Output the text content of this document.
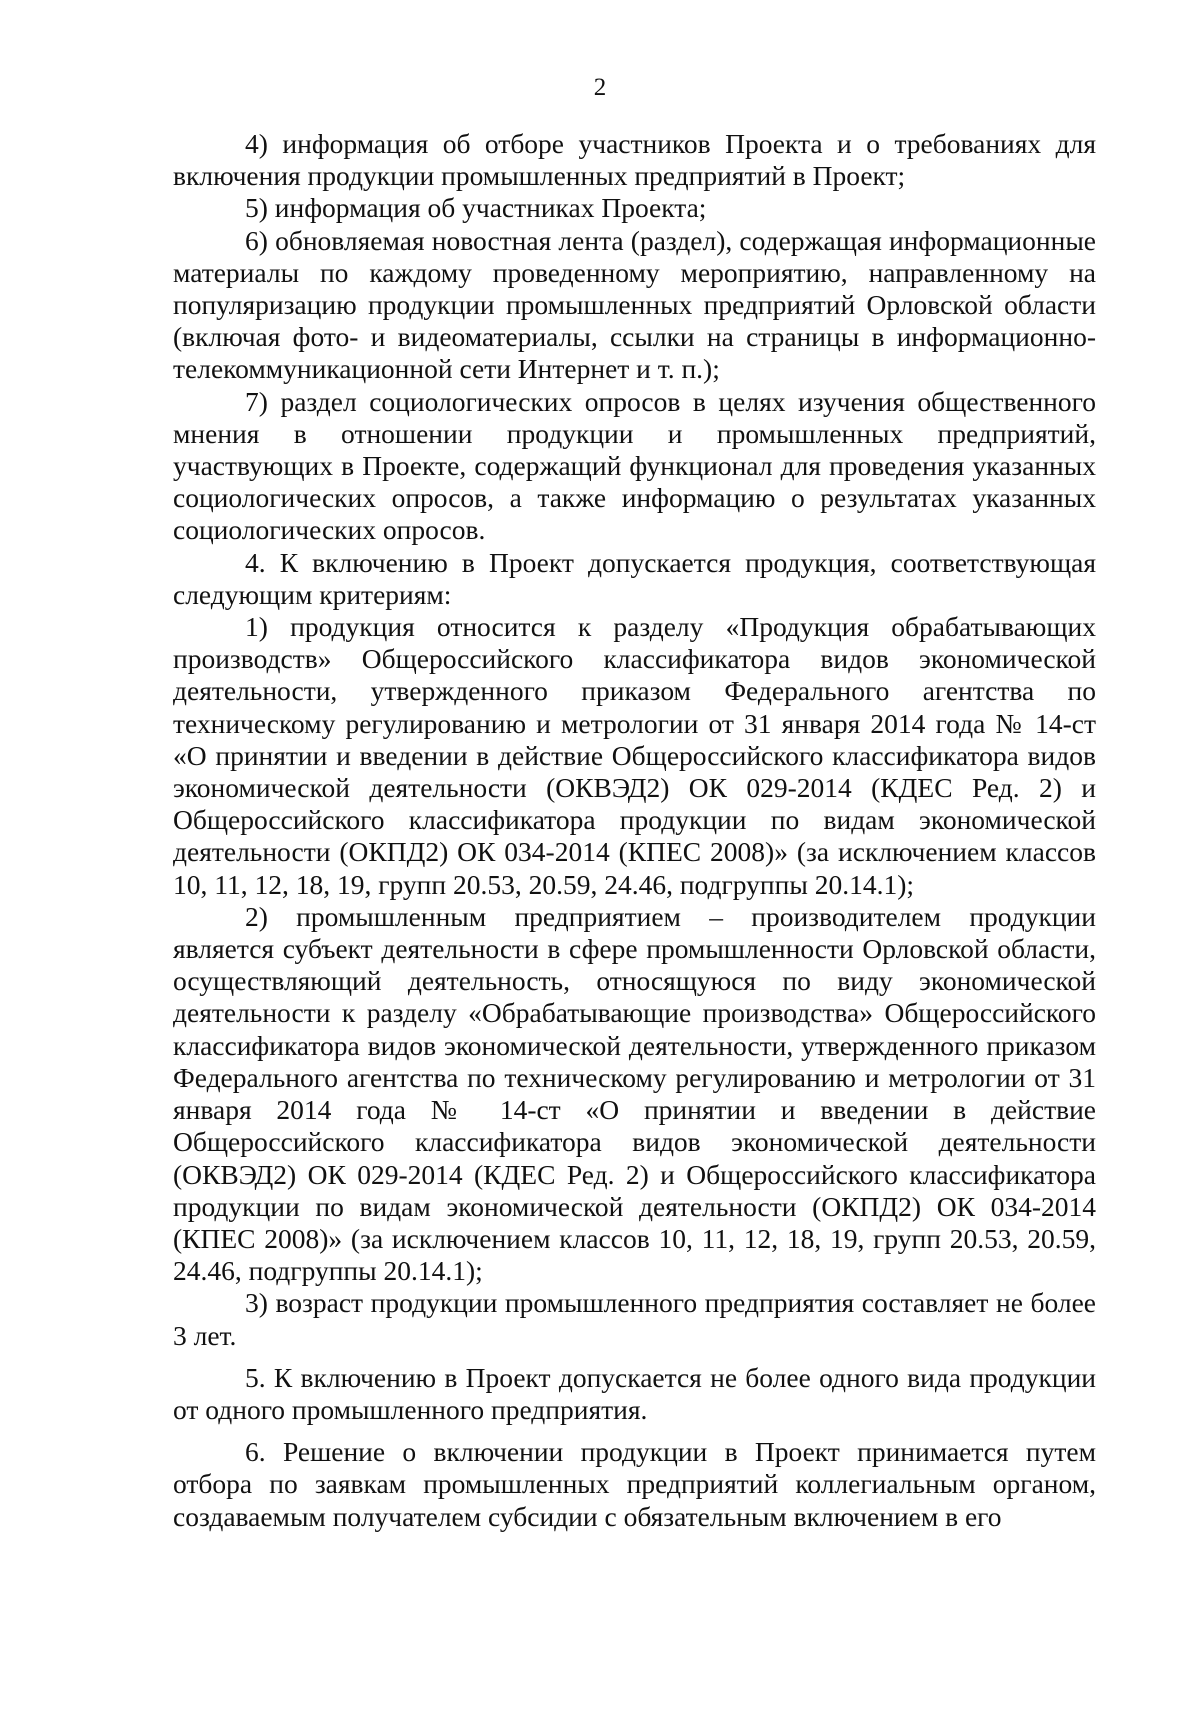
2

4) информация об отборе участников Проекта и о требованиях для включения продукции промышленных предприятий в Проект;

5) информация об участниках Проекта;

6) обновляемая новостная лента (раздел), содержащая информационные материалы по каждому проведенному мероприятию, направленному на популяризацию продукции промышленных предприятий Орловской области (включая фото- и видеоматериалы, ссылки на страницы в информационно-телекоммуникационной сети Интернет и т. п.);

7) раздел социологических опросов в целях изучения общественного мнения в отношении продукции и промышленных предприятий, участвующих в Проекте, содержащий функционал для проведения указанных социологических опросов, а также информацию о результатах указанных социологических опросов.

4. К включению в Проект допускается продукция, соответствующая следующим критериям:

1) продукция относится к разделу «Продукция обрабатывающих производств» Общероссийского классификатора видов экономической деятельности, утвержденного приказом Федерального агентства по техническому регулированию и метрологии от 31 января 2014 года № 14-ст «О принятии и введении в действие Общероссийского классификатора видов экономической деятельности (ОКВЭД2) ОК 029-2014 (КДЕС Ред. 2) и Общероссийского классификатора продукции по видам экономической деятельности (ОКПД2) ОК 034-2014 (КПЕС 2008)» (за исключением классов 10, 11, 12, 18, 19, групп 20.53, 20.59, 24.46, подгруппы 20.14.1);

2) промышленным предприятием – производителем продукции является субъект деятельности в сфере промышленности Орловской области, осуществляющий деятельность, относящуюся по виду экономической деятельности к разделу «Обрабатывающие производства» Общероссийского классификатора видов экономической деятельности, утвержденного приказом Федерального агентства по техническому регулированию и метрологии от 31 января 2014 года № 14-ст «О принятии и введении в действие Общероссийского классификатора видов экономической деятельности (ОКВЭД2) ОК 029-2014 (КДЕС Ред. 2) и Общероссийского классификатора продукции по видам экономической деятельности (ОКПД2) ОК 034-2014 (КПЕС 2008)» (за исключением классов 10, 11, 12, 18, 19, групп 20.53, 20.59, 24.46, подгруппы 20.14.1);

3) возраст продукции промышленного предприятия составляет не более 3 лет.

5. К включению в Проект допускается не более одного вида продукции от одного промышленного предприятия.

6. Решение о включении продукции в Проект принимается путем отбора по заявкам промышленных предприятий коллегиальным органом, создаваемым получателем субсидии с обязательным включением в его
